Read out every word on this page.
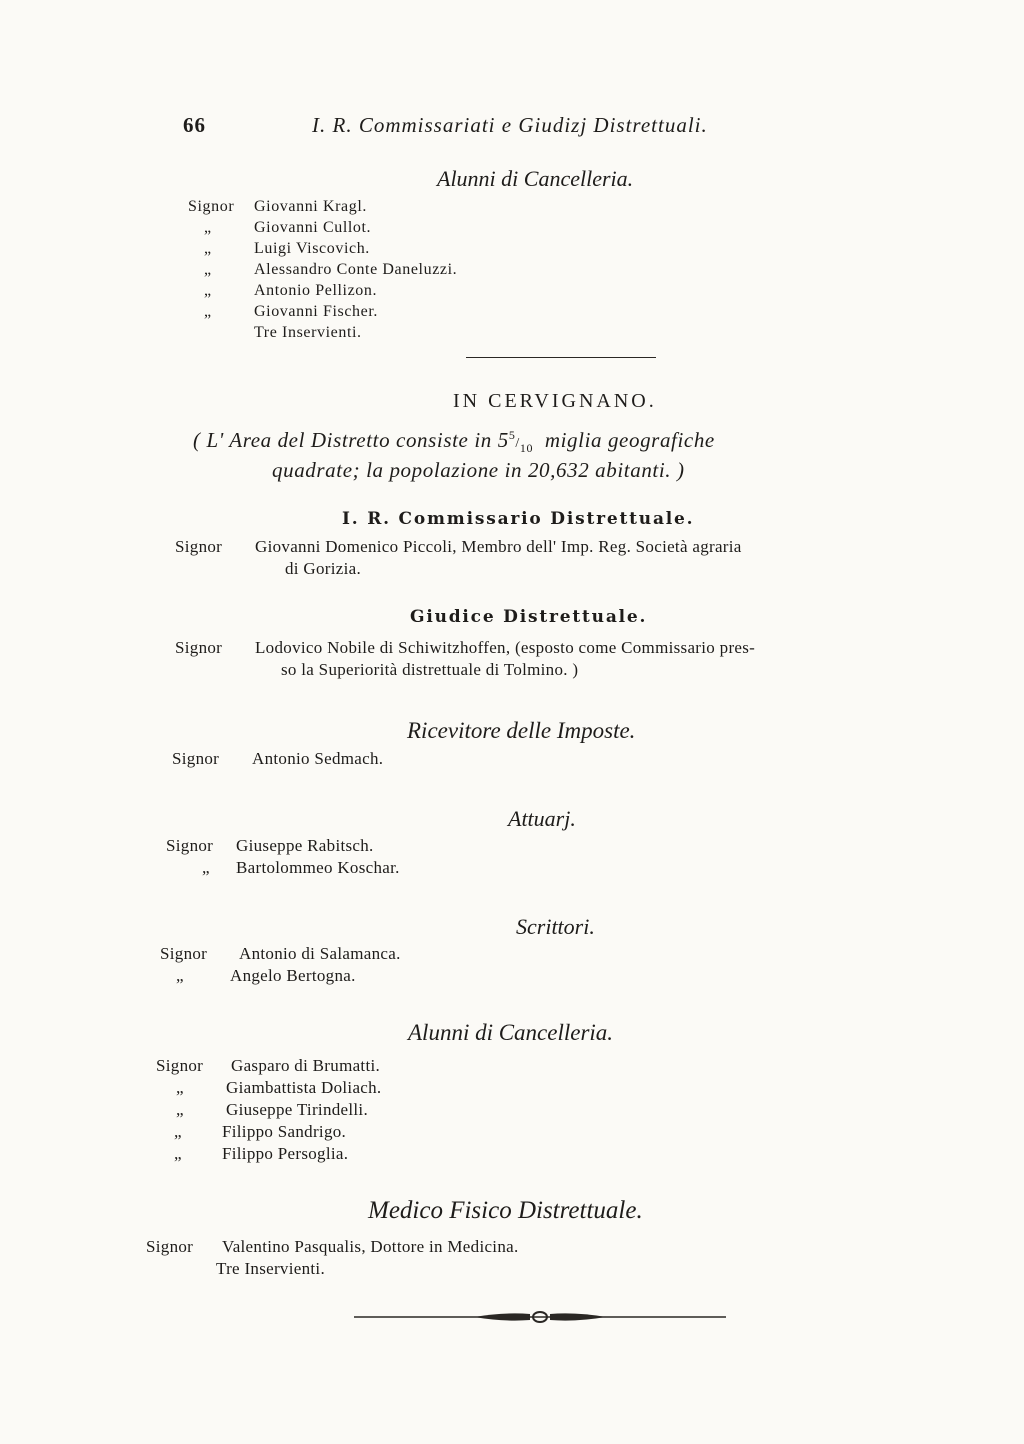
66	I. R. Commissariati e Giudizj Distrettuali.
Alunni di Cancelleria.
Signor Giovanni Kragl.
„	Giovanni Cullot.
„	Luigi Viscovich.
„	Alessandro Conte Daneluzzi.
„	Antonio Pellizon.
„	Giovanni Fischer.
Tre Inservienti.
IN CERVIGNANO.
( L' Area del Distretto consiste in $5^5/_{10}$ miglia geografiche
quadrate; la popolazione in 20,632 abitanti. )
I. R. Commissario Distrettuale.
Signor Giovanni Domenico Piccoli, Membro dell' Imp. Reg. Società agraria
di Gorizia.
Giudice Distrettuale.
Signor Lodovico Nobile di Schiwitzhoffen, (esposto come Commissario pres-
so la Superiorità distrettuale di Tolmino. )
Ricevitore delle Imposte.
Signor Antonio Sedmach.
Attuarj.
Signor Giuseppe Rabitsch.
„ Bartolommeo Koschar.
Scrittori.
Signor Antonio di Salamanca.
„	Angelo Bertogna.
Alunni di Cancelleria.
Signor Gasparo di Brumatti.
„ Giambattista Doliach.
„ Giuseppe Tirindelli.
„ Filippo Sandrigo.
„ Filippo Persoglia.
Medico Fisico Distrettuale.
Signor Valentino Pasqualis, Dottore in Medicina.
Tre Inservienti.
